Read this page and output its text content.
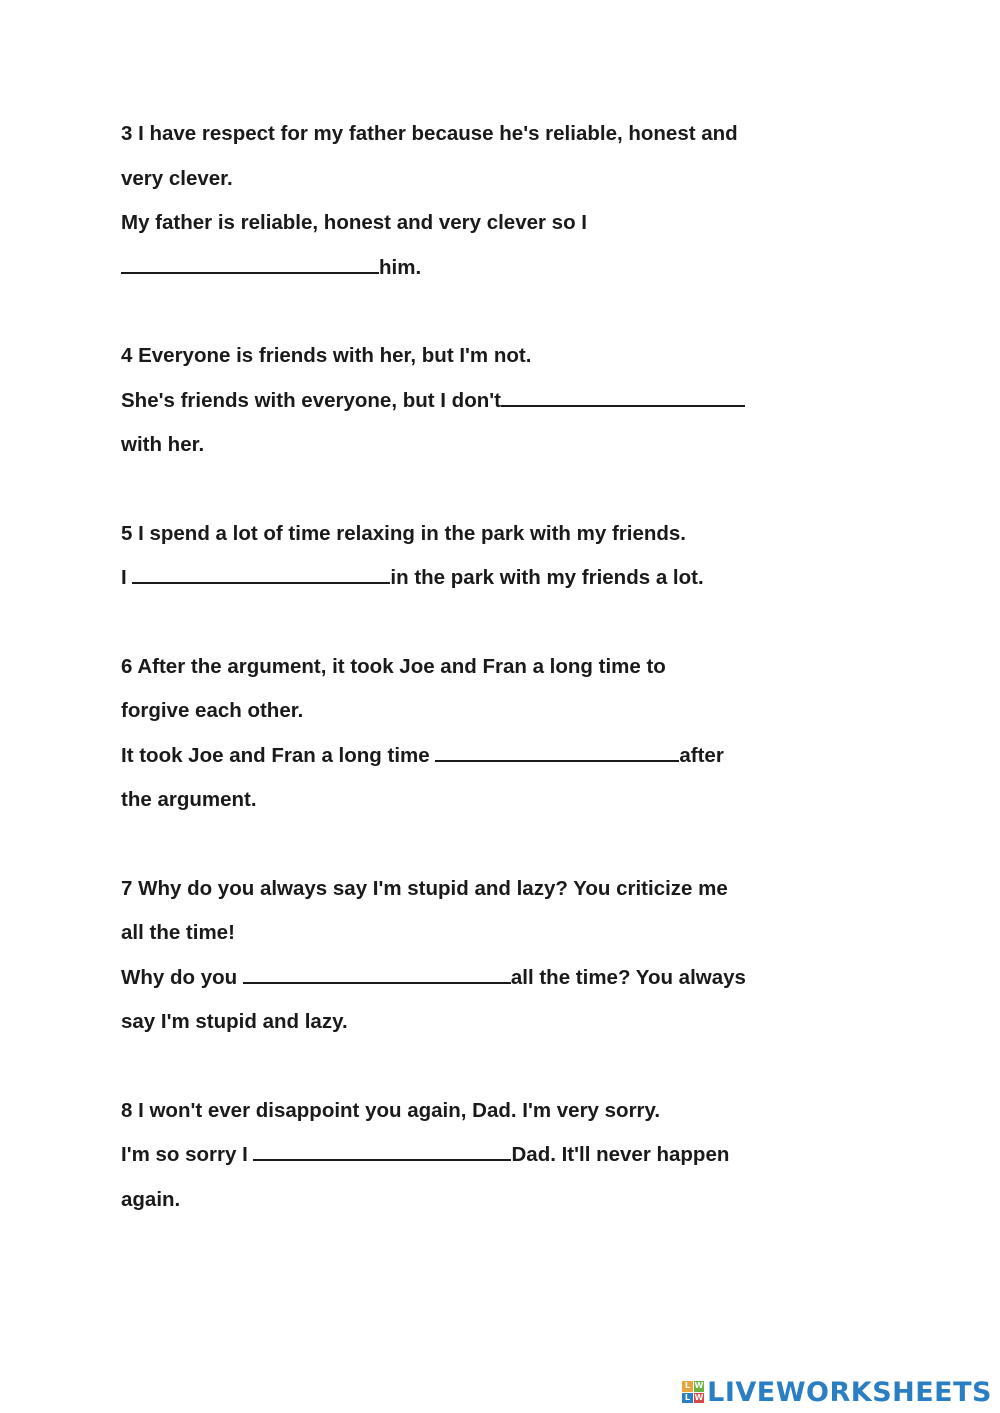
3 I have respect for my father because he's reliable, honest and
very clever.
My father is reliable, honest and very clever so I
him.
4 Everyone is friends with her, but I'm not.
She's friends with everyone, but I don't
with her.
5 I spend a lot of time relaxing in the park with my friends.
I	in the park with my friends a lot.
6 After the argument, it took Joe and Fran a long time to
forgive each other.
It took Joe and Fran a long time	after
the argument.
7 Why do you always say I'm stupid and lazy? You criticize me
all the time!
Why do you	all the time? You always
say I'm stupid and lazy.
8 I won't ever disappoint you again, Dad. I'm very sorry.
I'm so sorry I	Dad. It'll never happen
again.
L W
L W LIVEWORKSHEETS
